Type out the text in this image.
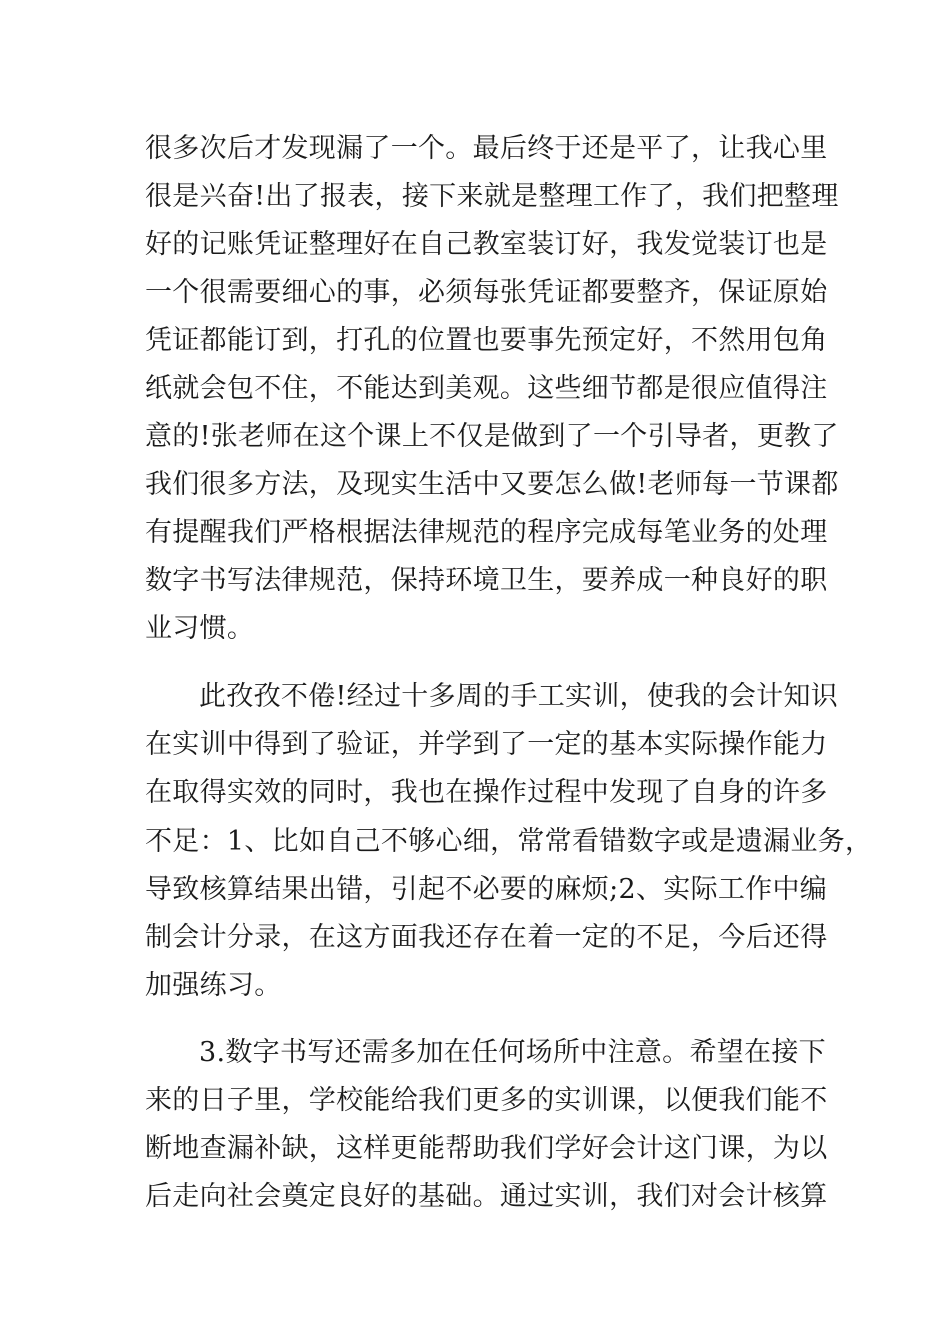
很多次后才发现漏了一个。最后终于还是平了，让我心里
很是兴奋!出了报表，接下来就是整理工作了，我们把整理
好的记账凭证整理好在自己教室装订好，我发觉装订也是
一个很需要细心的事，必须每张凭证都要整齐，保证原始
凭证都能订到，打孔的位置也要事先预定好，不然用包角
纸就会包不住，不能达到美观。这些细节都是很应值得注
意的!张老师在这个课上不仅是做到了一个引导者，更教了
我们很多方法，及现实生活中又要怎么做!老师每一节课都
有提醒我们严格根据法律规范的程序完成每笔业务的处理
数字书写法律规范，保持环境卫生，要养成一种良好的职
业习惯。
此孜孜不倦!经过十多周的手工实训，使我的会计知识
在实训中得到了验证，并学到了一定的基本实际操作能力
在取得实效的同时，我也在操作过程中发现了自身的许多
不足：1、比如自己不够心细，常常看错数字或是遗漏业务，
导致核算结果出错，引起不必要的麻烦;2、实际工作中编
制会计分录，在这方面我还存在着一定的不足，今后还得
加强练习。
3.数字书写还需多加在任何场所中注意。希望在接下
来的日子里，学校能给我们更多的实训课，以便我们能不
断地查漏补缺，这样更能帮助我们学好会计这门课，为以
后走向社会奠定良好的基础。通过实训，我们对会计核算
